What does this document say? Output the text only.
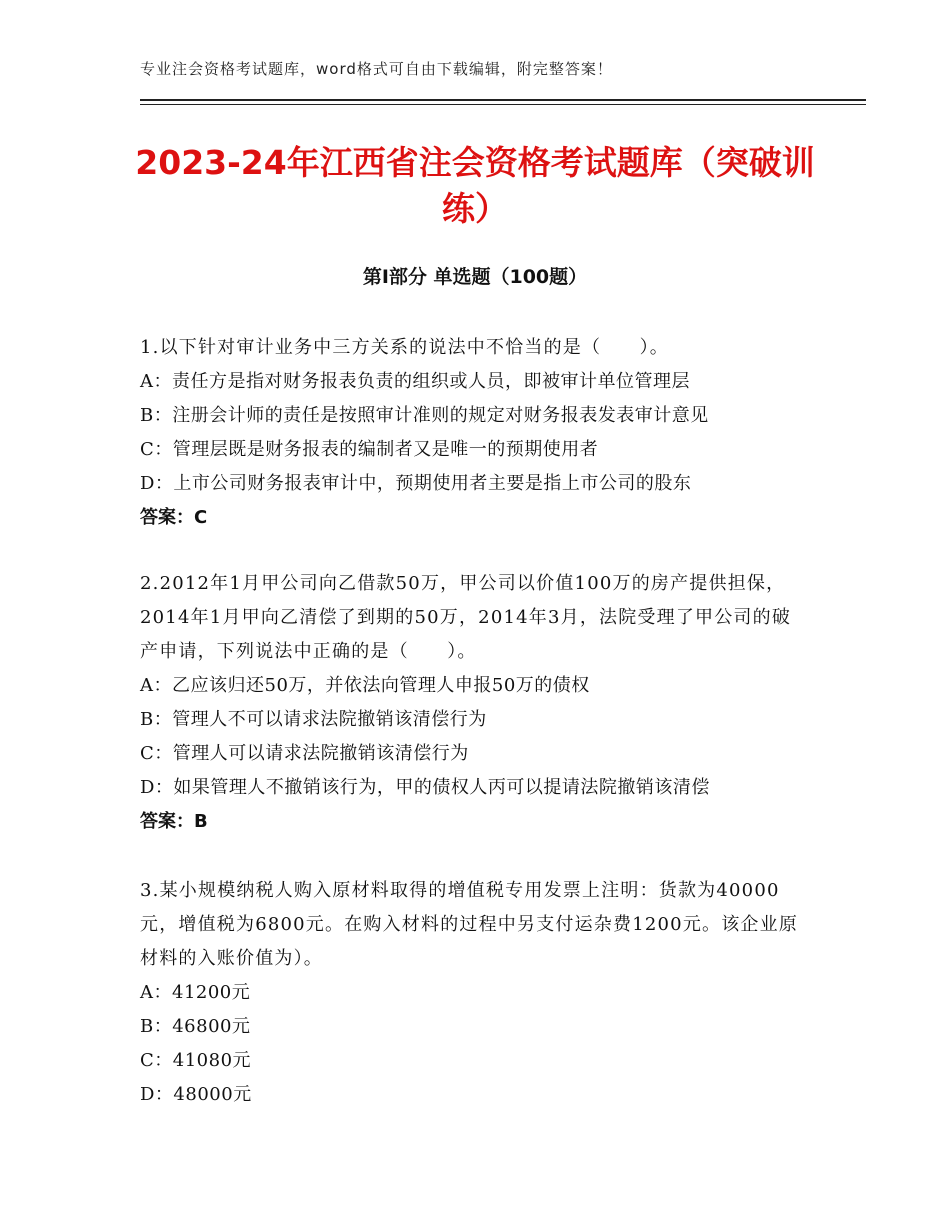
专业注会资格考试题库，word格式可自由下载编辑，附完整答案！
2023-24年江西省注会资格考试题库（突破训练）
第Ⅰ部分 单选题（100题）
1.以下针对审计业务中三方关系的说法中不恰当的是（　　）。
A：责任方是指对财务报表负责的组织或人员，即被审计单位管理层
B：注册会计师的责任是按照审计准则的规定对财务报表发表审计意见
C：管理层既是财务报表的编制者又是唯一的预期使用者
D：上市公司财务报表审计中，预期使用者主要是指上市公司的股东
答案：C
2.2012年1月甲公司向乙借款50万，甲公司以价值100万的房产提供担保，2014年1月甲向乙清偿了到期的50万，2014年3月，法院受理了甲公司的破产申请，下列说法中正确的是（　　）。
A：乙应该归还50万，并依法向管理人申报50万的债权
B：管理人不可以请求法院撤销该清偿行为
C：管理人可以请求法院撤销该清偿行为
D：如果管理人不撤销该行为，甲的债权人丙可以提请法院撤销该清偿
答案：B
3.某小规模纳税人购入原材料取得的增值税专用发票上注明：货款为40000元，增值税为6800元。在购入材料的过程中另支付运杂费1200元。该企业原材料的入账价值为）。
A：41200元
B：46800元
C：41080元
D：48000元
